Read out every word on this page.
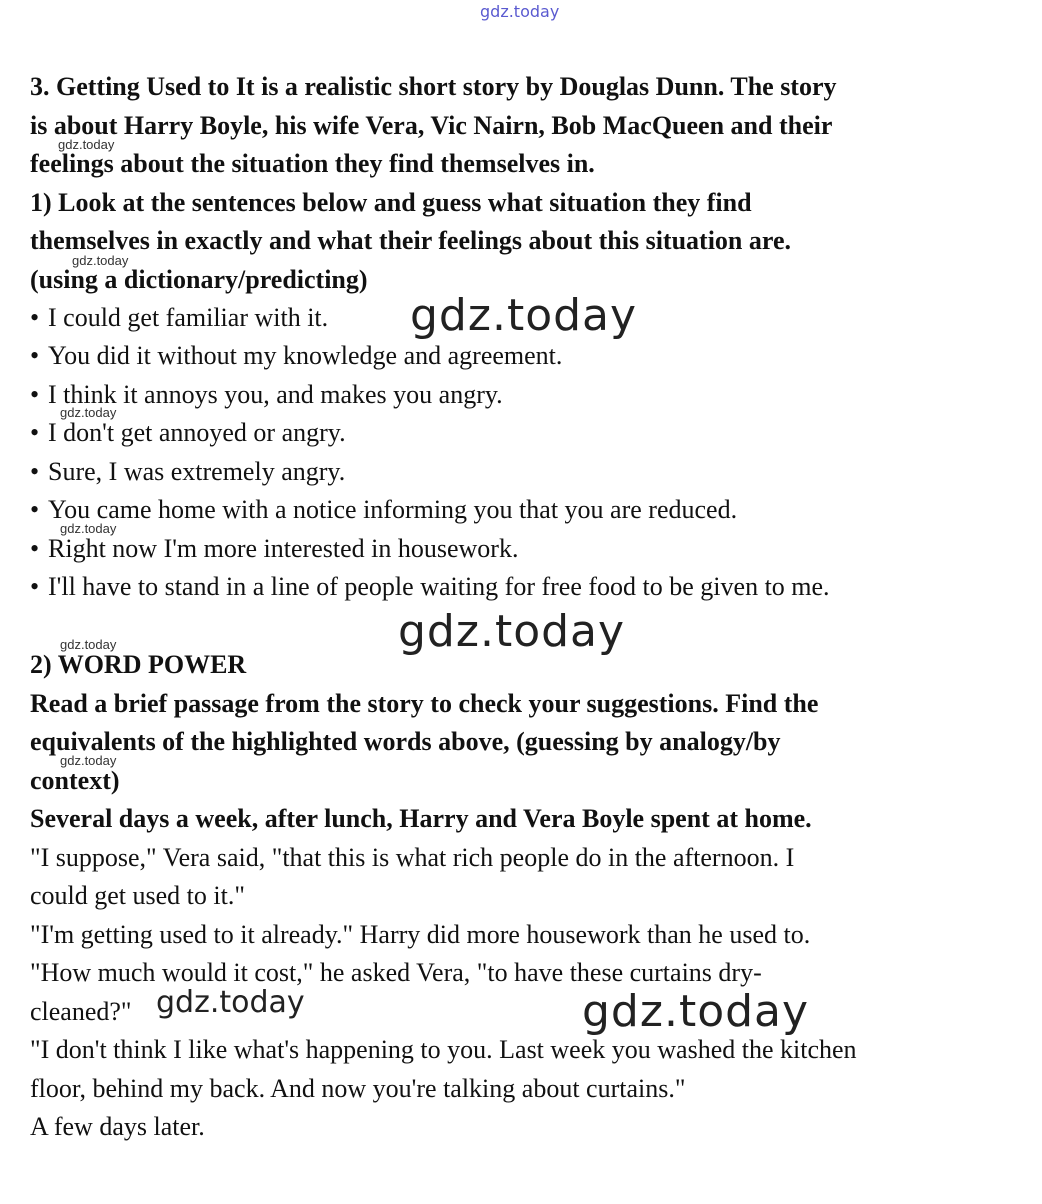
gdz.today
3. Getting Used to It is a realistic short story by Douglas Dunn. The story
is about Harry Boyle, his wife Vera, Vic Nairn, Bob MacQueen and their
feelings about the situation they find themselves in.
1) Look at the sentences below and guess what situation they find
themselves in exactly and what their feelings about this situation are.
(using a dictionary/predicting)
• I could get familiar with it.
• You did it without my knowledge and agreement.
• I think it annoys you, and makes you angry.
• I don't get annoyed or angry.
• Sure, I was extremely angry.
• You came home with a notice informing you that you are reduced.
• Right now I'm more interested in housework.
• I'll have to stand in a line of people waiting for free food to be given to me.
2) WORD POWER
Read a brief passage from the story to check your suggestions. Find the
equivalents of the highlighted words above, (guessing by analogy/by
context)
Several days a week, after lunch, Harry and Vera Boyle spent at home.
"I suppose," Vera said, "that this is what rich people do in the afternoon. I
could get used to it."
"I'm getting used to it already." Harry did more housework than he used to.
"How much would it cost," he asked Vera, "to have these curtains dry-
cleaned?"
"I don't think I like what's happening to you. Last week you washed the kitchen
floor, behind my back. And now you're talking about curtains."
A few days later.
gdz.today
gdz.today
gdz.today
gdz.today
gdz.today
gdz.today
gdz.today
gdz.today
gdz.today
gdz.today
